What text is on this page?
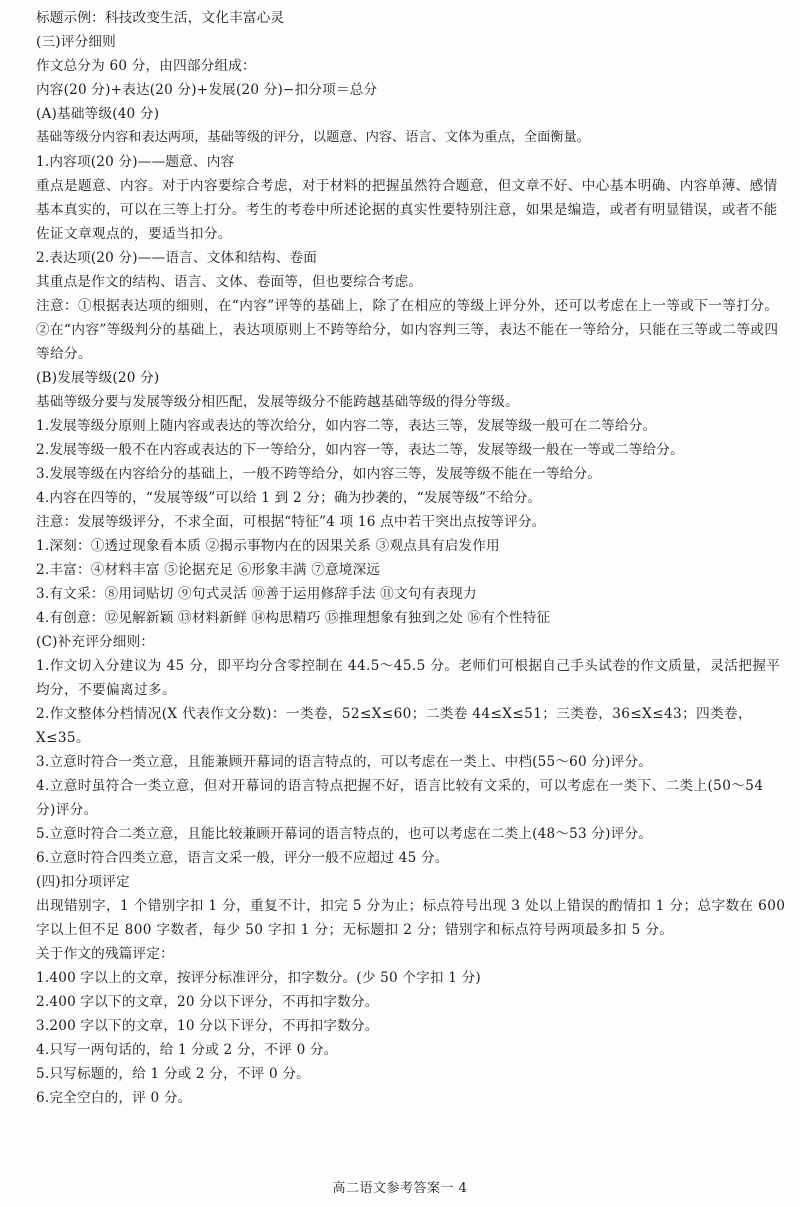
标题示例：科技改变生活，文化丰富心灵
(三)评分细则
作文总分为 60 分，由四部分组成：
内容(20 分)+表达(20 分)+发展(20 分)−扣分项＝总分
(A)基础等级(40 分)
基础等级分内容和表达两项，基础等级的评分，以题意、内容、语言、文体为重点，全面衡量。
1.内容项(20 分)——题意、内容
重点是题意、内容。对于内容要综合考虑，对于材料的把握虽然符合题意，但文章不好、中心基本明确、内容单薄、感情基本真实的，可以在三等上打分。考生的考卷中所述论据的真实性要特别注意，如果是编造，或者有明显错误，或者不能佐证文章观点的，要适当扣分。
2.表达项(20 分)——语言、文体和结构、卷面
其重点是作文的结构、语言、文体、卷面等，但也要综合考虑。
注意：①根据表达项的细则，在“内容”评等的基础上，除了在相应的等级上评分外，还可以考虑在上一等或下一等打分。
②在“内容”等级判分的基础上，表达项原则上不跨等给分，如内容判三等，表达不能在一等给分，只能在三等或二等或四等给分。
(B)发展等级(20 分)
基础等级分要与发展等级分相匹配，发展等级分不能跨越基础等级的得分等级。
1.发展等级分原则上随内容或表达的等次给分，如内容二等，表达三等，发展等级一般可在二等给分。
2.发展等级一般不在内容或表达的下一等给分，如内容一等，表达二等，发展等级一般在一等或二等给分。
3.发展等级在内容给分的基础上，一般不跨等给分，如内容三等，发展等级不能在一等给分。
4.内容在四等的，“发展等级”可以给 1 到 2 分；确为抄袭的，“发展等级”不给分。
注意：发展等级评分，不求全面，可根据“特征”4 项 16 点中若干突出点按等评分。
1.深刻：①透过现象看本质 ②揭示事物内在的因果关系 ③观点具有启发作用
2.丰富：④材料丰富 ⑤论据充足 ⑥形象丰满 ⑦意境深远
3.有文采：⑧用词贴切 ⑨句式灵活 ⑩善于运用修辞手法 ⑪文句有表现力
4.有创意：⑫见解新颖 ⑬材料新鲜 ⑭构思精巧 ⑮推理想象有独到之处 ⑯有个性特征
(C)补充评分细则：
1.作文切入分建议为 45 分，即平均分含零控制在 44.5～45.5 分。老师们可根据自己手头试卷的作文质量，灵活把握平均分，不要偏离过多。
2.作文整体分档情况(X 代表作文分数)：一类卷，52≤X≤60；二类卷 44≤X≤51；三类卷，36≤X≤43；四类卷，X≤35。
3.立意时符合一类立意，且能兼顾开幕词的语言特点的，可以考虑在一类上、中档(55～60 分)评分。
4.立意时虽符合一类立意，但对开幕词的语言特点把握不好，语言比较有文采的，可以考虑在一类下、二类上(50～54 分)评分。
5.立意时符合二类立意，且能比较兼顾开幕词的语言特点的，也可以考虑在二类上(48～53 分)评分。
6.立意时符合四类立意，语言文采一般，评分一般不应超过 45 分。
(四)扣分项评定
出现错别字，1 个错别字扣 1 分，重复不计，扣完 5 分为止；标点符号出现 3 处以上错误的酌情扣 1 分；总字数在 600 字以上但不足 800 字数者，每少 50 字扣 1 分；无标题扣 2 分；错别字和标点符号两项最多扣 5 分。
关于作文的残篇评定：
1.400 字以上的文章，按评分标准评分，扣字数分。(少 50 个字扣 1 分)
2.400 字以下的文章，20 分以下评分，不再扣字数分。
3.200 字以下的文章，10 分以下评分，不再扣字数分。
4.只写一两句话的，给 1 分或 2 分，不评 0 分。
5.只写标题的，给 1 分或 2 分，不评 0 分。
6.完全空白的，评 0 分。
高二语文参考答案一 4
